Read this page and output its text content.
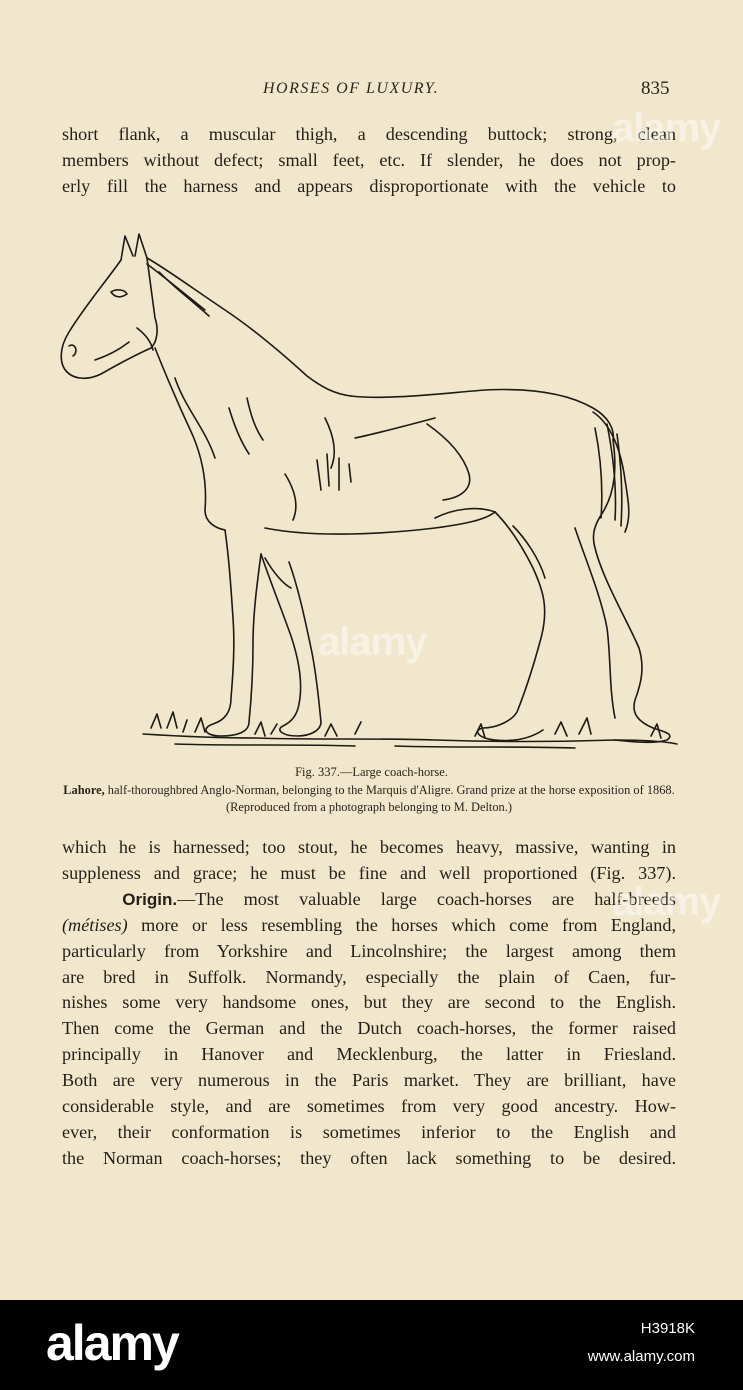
HORSES OF LUXURY.	835
short flank, a muscular thigh, a descending buttock; strong, clean
members without defect; small feet, etc. If slender, he does not prop-
erly fill the harness and appears disproportionate with the vehicle to
Fig. 337.—Large coach-horse.
Lahore, half-thoroughbred Anglo-Norman, belonging to the Marquis d'Aligre. Grand prize at the horse exposition of 1868. (Reproduced from a photograph belonging to M. Delton.)
which he is harnessed; too stout, he becomes heavy, massive, wanting in
suppleness and grace; he must be fine and well proportioned (Fig. 337).
Origin.—The most valuable large coach-horses are half-breeds
(métises) more or less resembling the horses which come from England,
particularly from Yorkshire and Lincolnshire; the largest among them
are bred in Suffolk. Normandy, especially the plain of Caen, fur-
nishes some very handsome ones, but they are second to the English.
Then come the German and the Dutch coach-horses, the former raised
principally in Hanover and Mecklenburg, the latter in Friesland.
Both are very numerous in the Paris market. They are brilliant, have
considerable style, and are sometimes from very good ancestry. How-
ever, their conformation is sometimes inferior to the English and
the Norman coach-horses; they often lack something to be desired.
alamy
alamy
alamy
alamy	H3918K
www.alamy.com
